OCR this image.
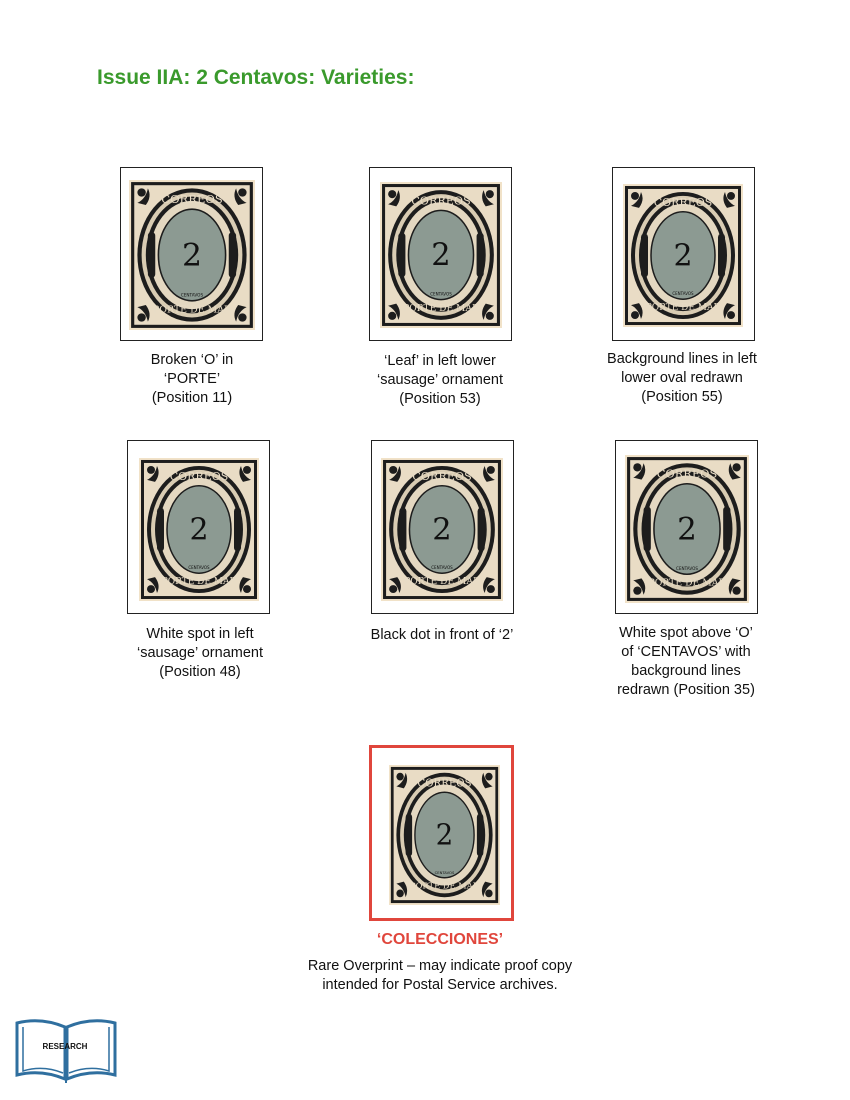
Issue IIA: 2 Centavos: Varieties:
CORREOS
2
CENTAVOS
PORTE DE MAR
Broken ‘O’ in
‘PORTE’
(Position 11)
CORREOS
2
CENTAVOS
PORTE DE MAR
‘Leaf’ in left lower
‘sausage’ ornament
(Position 53)
CORREOS
2
CENTAVOS
PORTE DE MAR
Background lines in left
lower oval redrawn
(Position 55)
CORREOS
2
CENTAVOS
PORTE DE MAR
White spot in left
‘sausage’ ornament
(Position 48)
CORREOS
2
CENTAVOS
PORTE DE MAR
Black dot in front of ‘2’
CORREOS
2
CENTAVOS
PORTE DE MAR
White spot above ‘O’
of ‘CENTAVOS’ with
background lines
redrawn (Position 35)
CORREOS
2
CENTAVOS
PORTE DE MAR
‘COLECCIONES’
Rare Overprint – may indicate proof copy
intended for Postal Service archives.
RESEARCH
